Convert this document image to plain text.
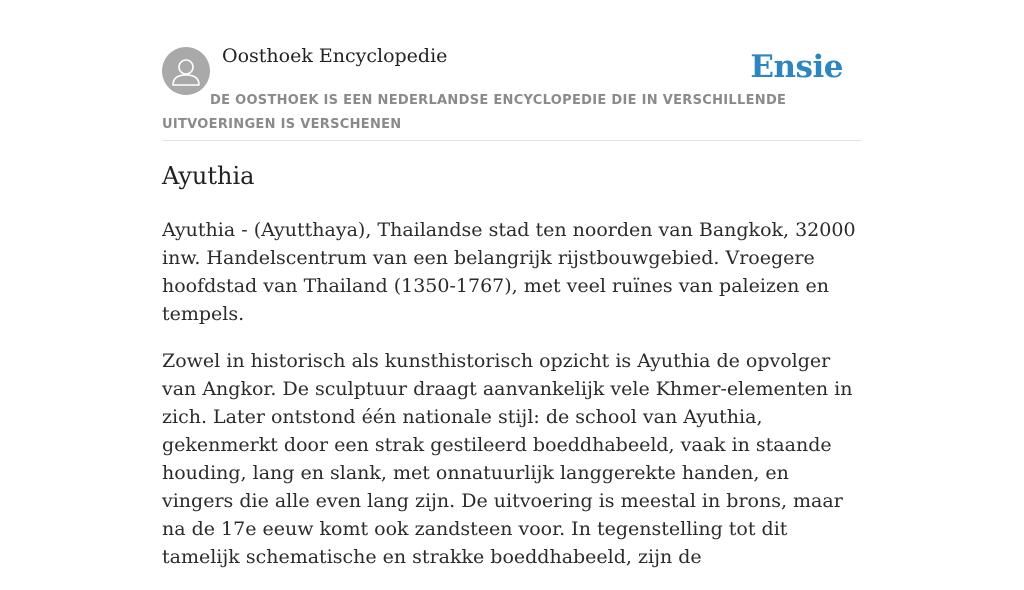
Oosthoek Encyclopedie	Ensie
DE OOSTHOEK IS EEN NEDERLANDSE ENCYCLOPEDIE DIE IN VERSCHILLENDE UITVOERINGEN IS VERSCHENEN
Ayuthia

Ayuthia - (Ayutthaya), Thailandse stad ten noorden van Bangkok, 32000 inw. Handelscentrum van een belangrijk rijstbouwgebied. Vroegere hoofdstad van Thailand (1350-1767), met veel ruïnes van paleizen en tempels.

Zowel in historisch als kunsthistorisch opzicht is Ayuthia de opvolger van Angkor. De sculptuur draagt aanvankelijk vele Khmer-elementen in zich. Later ontstond één nationale stijl: de school van Ayuthia, gekenmerkt door een strak gestileerd boeddhabeeld, vaak in staande houding, lang en slank, met onnatuurlijk langgerekte handen, en vingers die alle even lang zijn. De uitvoering is meestal in brons, maar na de 17e eeuw komt ook zandsteen voor. In tegenstelling tot dit tamelijk schematische en strakke boeddhabeeld, zijn de
